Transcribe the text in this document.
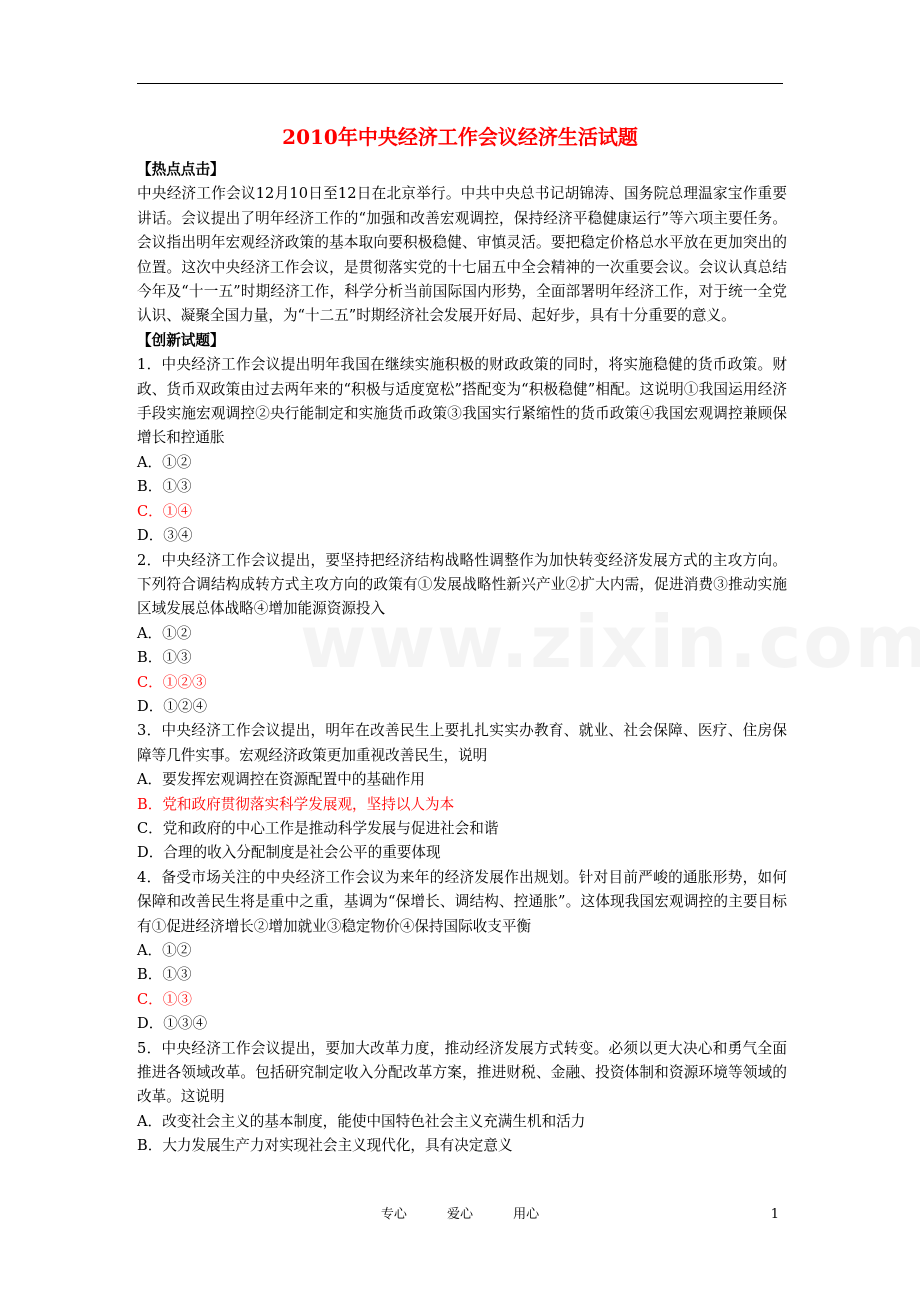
2010年中央经济工作会议经济生活试题

【热点点击】

中央经济工作会议12月10日至12日在北京举行。中共中央总书记胡锦涛、国务院总理温家宝作重要讲话。会议提出了明年经济工作的“加强和改善宏观调控，保持经济平稳健康运行”等六项主要任务。会议指出明年宏观经济政策的基本取向要积极稳健、审慎灵活。要把稳定价格总水平放在更加突出的位置。这次中央经济工作会议，是贯彻落实党的十七届五中全会精神的一次重要会议。会议认真总结今年及“十一五”时期经济工作，科学分析当前国际国内形势，全面部署明年经济工作，对于统一全党认识、凝聚全国力量，为“十二五”时期经济社会发展开好局、起好步，具有十分重要的意义。

【创新试题】

1．中央经济工作会议提出明年我国在继续实施积极的财政政策的同时，将实施稳健的货币政策。财政、货币双政策由过去两年来的“积极与适度宽松”搭配变为“积极稳健”相配。这说明①我国运用经济手段实施宏观调控②央行能制定和实施货币政策③我国实行紧缩性的货币政策④我国宏观调控兼顾保增长和控通胀

A．①②

B．①③

C．①④

D．③④

2．中央经济工作会议提出，要坚持把经济结构战略性调整作为加快转变经济发展方式的主攻方向。下列符合调结构成转方式主攻方向的政策有①发展战略性新兴产业②扩大内需，促进消费③推动实施区域发展总体战略④增加能源资源投入

A．①②

B．①③

C．①②③

D．①②④

3．中央经济工作会议提出，明年在改善民生上要扎扎实实办教育、就业、社会保障、医疗、住房保障等几件实事。宏观经济政策更加重视改善民生，说明

A．要发挥宏观调控在资源配置中的基础作用

B．党和政府贯彻落实科学发展观，坚持以人为本

C．党和政府的中心工作是推动科学发展与促进社会和谐

D．合理的收入分配制度是社会公平的重要体现

4．备受市场关注的中央经济工作会议为来年的经济发展作出规划。针对目前严峻的通胀形势，如何保障和改善民生将是重中之重，基调为“保增长、调结构、控通胀”。这体现我国宏观调控的主要目标有①促进经济增长②增加就业③稳定物价④保持国际收支平衡

A．①②

B．①③

C．①③

D．①③④

5．中央经济工作会议提出，要加大改革力度，推动经济发展方式转变。必须以更大决心和勇气全面推进各领域改革。包括研究制定收入分配改革方案，推进财税、金融、投资体制和资源环境等领域的改革。这说明

A．改变社会主义的基本制度，能使中国特色社会主义充满生机和活力

B．大力发展生产力对实现社会主义现代化，具有决定意义

专心	爱心	用心	1
